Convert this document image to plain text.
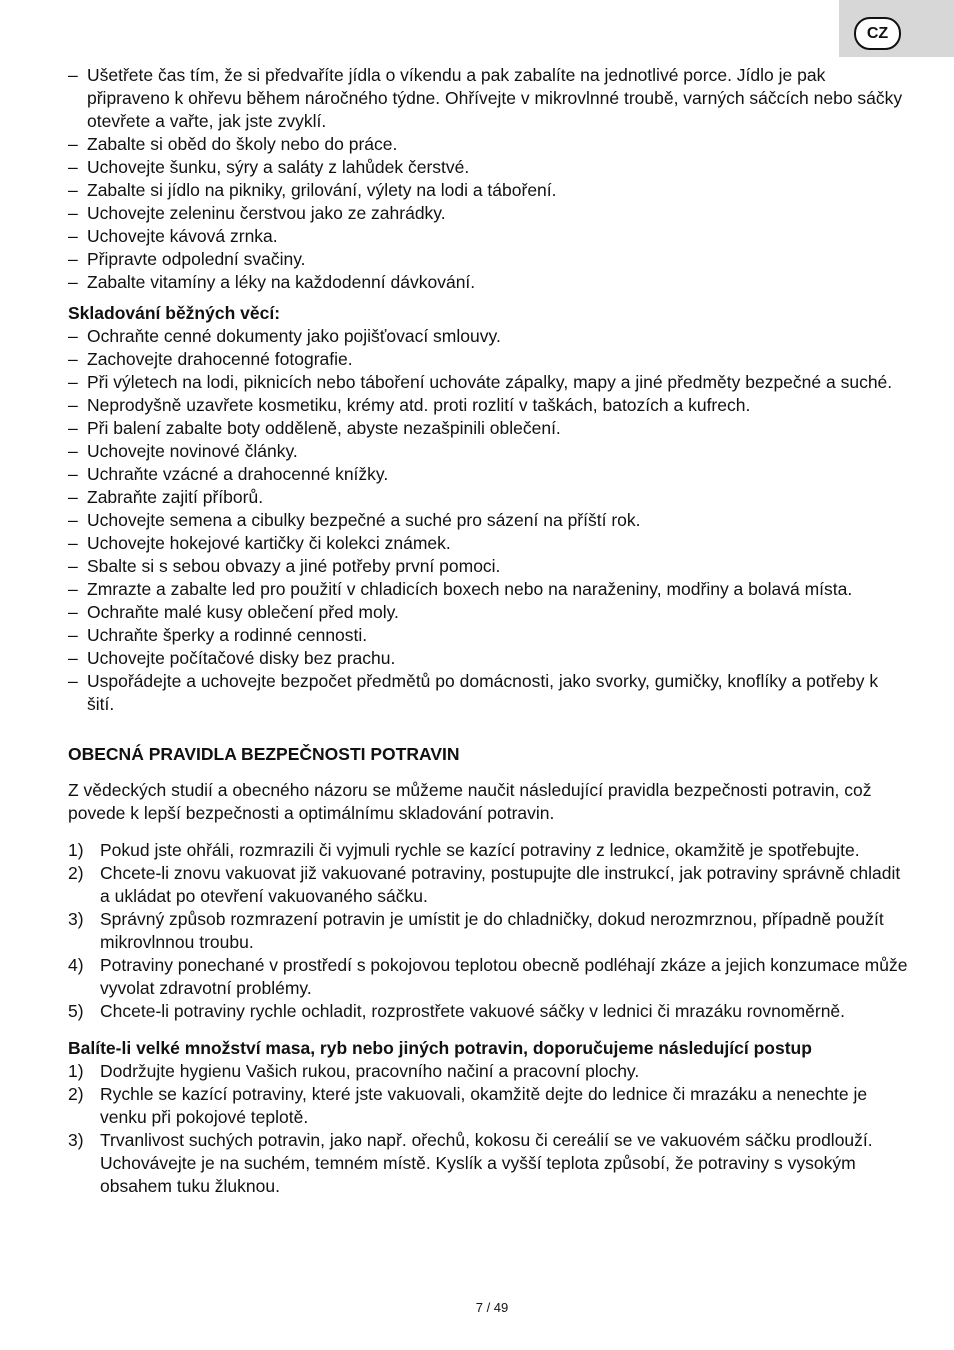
CZ
– Ušetřete čas tím, že si předvaříte jídla o víkendu a pak zabalíte na jednotlivé porce. Jídlo je pak připraveno k ohřevu během náročného týdne. Ohřívejte v mikrovlnné troubě, varných sáčcích nebo sáčky otevřete a vařte, jak jste zvyklí.
– Zabalte si oběd do školy nebo do práce.
– Uchovejte šunku, sýry a saláty z lahůdek čerstvé.
– Zabalte si jídlo na pikniky, grilování, výlety na lodi a táboření.
– Uchovejte zeleninu čerstvou jako ze zahrádky.
– Uchovejte kávová zrnka.
– Připravte odpolední svačiny.
– Zabalte vitamíny a léky na každodenní dávkování.
Skladování běžných věcí:
– Ochraňte cenné dokumenty jako pojišťovací smlouvy.
– Zachovejte drahocenné fotografie.
– Při výletech na lodi, piknicích nebo táboření uchováte zápalky, mapy a jiné předměty bezpečné a suché.
– Neprodyšně uzavřete kosmetiku, krémy atd. proti rozlití v taškách, batozích a kufrech.
– Při balení zabalte boty odděleně, abyste nezašpinili oblečení.
– Uchovejte novinové články.
– Uchraňte vzácné a drahocenné knížky.
– Zabraňte zajití příborů.
– Uchovejte semena a cibulky bezpečné a suché pro sázení na příští rok.
– Uchovejte hokejové kartičky či kolekci známek.
– Sbalte si s sebou obvazy a jiné potřeby první pomoci.
– Zmrazte a zabalte led pro použití v chladicích boxech nebo na naraženiny, modřiny a bolavá místa.
– Ochraňte malé kusy oblečení před moly.
– Uchraňte šperky a rodinné cennosti.
– Uchovejte počítačové disky bez prachu.
– Uspořádejte a uchovejte bezpočet předmětů po domácnosti, jako svorky, gumičky, knoflíky a potřeby k šití.
OBECNÁ PRAVIDLA BEZPEČNOSTI POTRAVIN
Z vědeckých studií a obecného názoru se můžeme naučit následující pravidla bezpečnosti potravin, což povede k lepší bezpečnosti a optimálnímu skladování potravin.
1) Pokud jste ohřáli, rozmrazili či vyjmuli rychle se kazící potraviny z lednice, okamžitě je spotřebujte.
2) Chcete-li znovu vakuovat již vakuované potraviny, postupujte dle instrukcí, jak potraviny správně chladit a ukládat po otevření vakuovaného sáčku.
3) Správný způsob rozmrazení potravin je umístit je do chladničky, dokud nerozmrznou, případně použít mikrovlnnou troubu.
4) Potraviny ponechané v prostředí s pokojovou teplotou obecně podléhají zkáze a jejich konzumace může vyvolat zdravotní problémy.
5) Chcete-li potraviny rychle ochladit, rozprostřete vakuové sáčky v lednici či mrazáku rovnoměrně.
Balíte-li velké množství masa, ryb nebo jiných potravin, doporučujeme následující postup
1) Dodržujte hygienu Vašich rukou, pracovního načiní a pracovní plochy.
2) Rychle se kazící potraviny, které jste vakuovali, okamžitě dejte do lednice či mrazáku a nenechte je venku při pokojové teplotě.
3) Trvanlivost suchých potravin, jako např. ořechů, kokosu či cereálií se ve vakuovém sáčku prodlouží. Uchovávejte je na suchém, temném místě. Kyslík a vyšší teplota způsobí, že potraviny s vysokým obsahem tuku žluknou.
7 / 49
